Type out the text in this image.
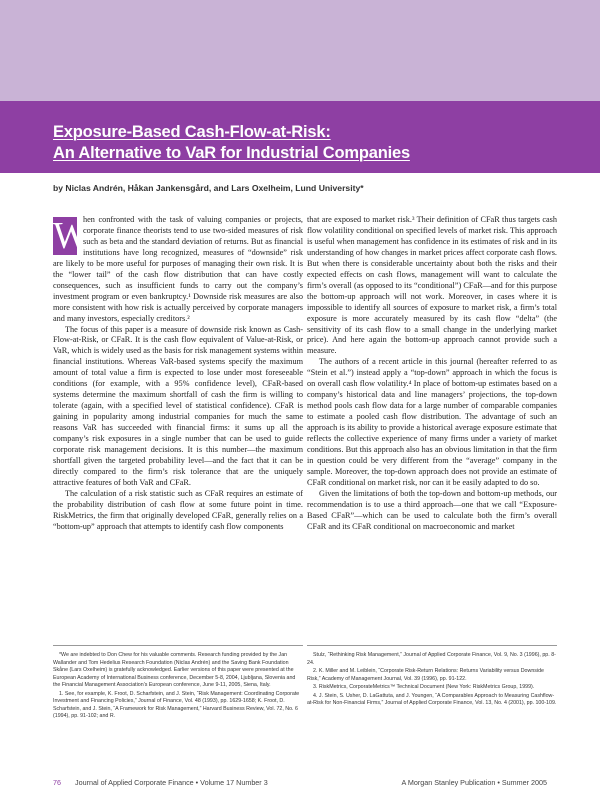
Exposure-Based Cash-Flow-at-Risk:
An Alternative to VaR for Industrial Companies
by Niclas Andrén, Håkan Jankensgård, and Lars Oxelheim, Lund University*

W
hen confronted with the task of valuing companies or projects, corporate finance theorists tend to use two-sided measures of risk such as beta and the standard deviation of returns. But as financial institutions have long recognized, measures of “downside” risk are likely to be more useful for purposes of managing their own risk. It is the “lower tail” of the cash flow distribution that can have costly consequences, such as insufficient funds to carry out the company’s investment program or even bankruptcy.¹ Downside risk measures are also more consistent with how risk is actually perceived by corporate managers and many investors, especially creditors.²

The focus of this paper is a measure of downside risk known as Cash-Flow-at-Risk, or CFaR. It is the cash flow equivalent of Value-at-Risk, or VaR, which is widely used as the basis for risk management systems within financial institutions. Whereas VaR-based systems specify the maximum amount of total value a firm is expected to lose under most foreseeable conditions (for example, with a 95% confidence level), CFaR-based systems determine the maximum shortfall of cash the firm is willing to tolerate (again, with a specified level of statistical confidence). CFaR is gaining in popularity among industrial companies for much the same reasons VaR has succeeded with financial firms: it sums up all the company’s risk exposures in a single number that can be used to guide corporate risk management decisions. It is this number—the maximum shortfall given the targeted probability level—and the fact that it can be directly compared to the firm’s risk tolerance that are the uniquely attractive features of both VaR and CFaR.

The calculation of a risk statistic such as CFaR requires an estimate of the probability distribution of cash flow at some future point in time. RiskMetrics, the firm that originally developed CFaR, generally relies on a “bottom-up” approach that attempts to identify cash flow components

that are exposed to market risk.³ Their definition of CFaR thus targets cash flow volatility conditional on specified levels of market risk. This approach is useful when management has confidence in its estimates of risk and in its understanding of how changes in market prices affect corporate cash flows. But when there is considerable uncertainty about both the risks and their expected effects on cash flows, management will want to calculate the firm’s overall (as opposed to its “conditional”) CFaR—and for this purpose the bottom-up approach will not work. Moreover, in cases where it is impossible to identify all sources of exposure to market risk, a firm’s total exposure is more accurately measured by its cash flow “delta” (the sensitivity of its cash flow to a small change in the underlying market price). And here again the bottom-up approach cannot provide such a measure.

The authors of a recent article in this journal (hereafter referred to as “Stein et al.”) instead apply a “top-down” approach in which the focus is on overall cash flow volatility.⁴ In place of bottom-up estimates based on a company’s historical data and line managers’ projections, the top-down method pools cash flow data for a large number of comparable companies to estimate a pooled cash flow distribution. The advantage of such an approach is its ability to provide a historical average exposure estimate that reflects the collective experience of many firms under a variety of market conditions. But this approach also has an obvious limitation in that the firm in question could be very different from the “average” company in the sample. Moreover, the top-down approach does not provide an estimate of CFaR conditional on market risk, nor can it be easily adapted to do so.

Given the limitations of both the top-down and bottom-up methods, our recommendation is to use a third approach—one that we call “Exposure-Based CFaR”—which can be used to calculate both the firm’s overall CFaR and its CFaR conditional on macroeconomic and market

*We are indebted to Don Chew for his valuable comments. Research funding provided by the Jan Wallander and Tom Hedelius Research Foundation (Niclas Andrén) and the Saving Bank Foundation Skåne (Lars Oxelheim) is gratefully acknowledged. Earlier versions of this paper were presented at the European Academy of International Business conference, December 5-8, 2004, Ljubljana, Slovenia and the Financial Management Association’s European conference, June 9-11, 2005, Siena, Italy.

1. See, for example, K. Froot, D. Scharfstein, and J. Stein, “Risk Management: Coordinating Corporate Investment and Financing Policies,” Journal of Finance, Vol. 48 (1993), pp. 1629-1658; K. Froot, D. Scharfstein, and J. Stein, “A Framework for Risk Management,” Harvard Business Review, Vol. 72, No. 6 (1994), pp. 91-102; and R.

Stulz, “Rethinking Risk Management,” Journal of Applied Corporate Finance, Vol. 9, No. 3 (1996), pp. 8-24.

2. K. Miller and M. Leiblein, “Corporate Risk-Return Relations: Returns Variability versus Downside Risk,” Academy of Management Journal, Vol. 39 (1996), pp. 91-122.

3. RiskMetrics, CorporateMetrics™ Technical Document (New York: RiskMetrics Group, 1999).

4. J. Stein, S. Usher, D. LaGattuta, and J. Youngen, “A Comparables Approach to Measuring Cashflow-at-Risk for Non-Financial Firms,” Journal of Applied Corporate Finance, Vol. 13, No. 4 (2001), pp. 100-109.

76 Journal of Applied Corporate Finance • Volume 17 Number 3	A Morgan Stanley Publication • Summer 2005
